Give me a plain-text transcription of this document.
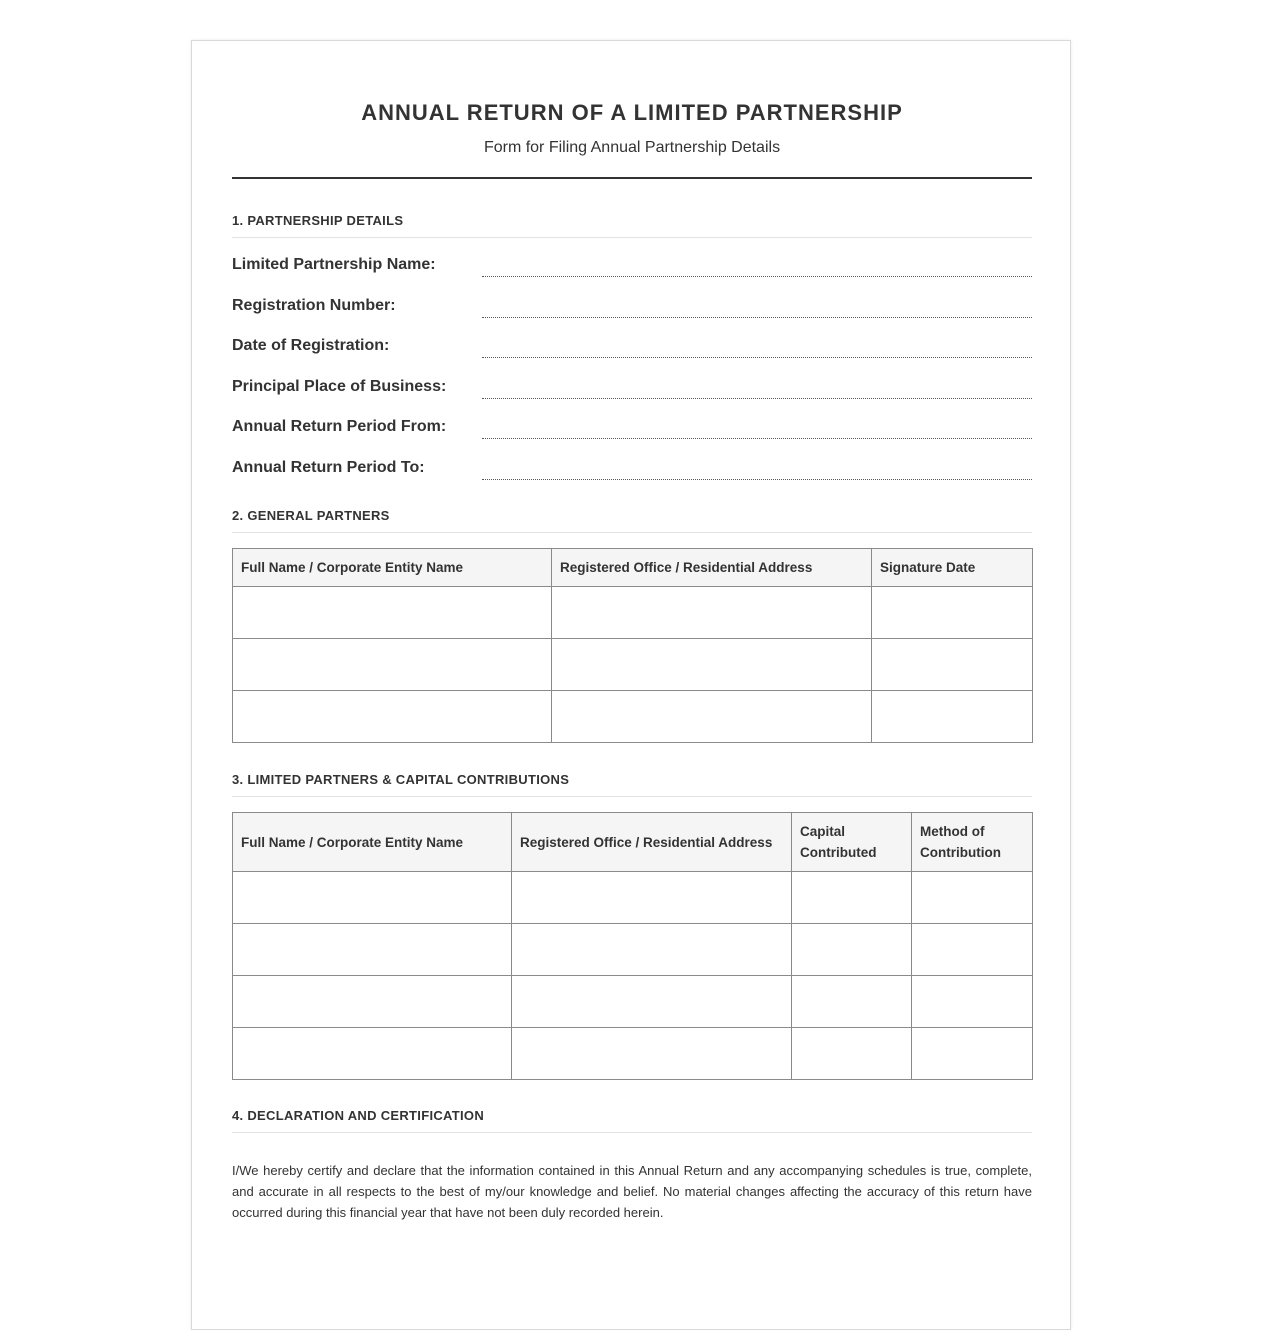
ANNUAL RETURN OF A LIMITED PARTNERSHIP
Form for Filing Annual Partnership Details
1. PARTNERSHIP DETAILS
Limited Partnership Name:
Registration Number:
Date of Registration:
Principal Place of Business:
Annual Return Period From:
Annual Return Period To:
2. GENERAL PARTNERS
Full Name / Corporate Entity Name	Registered Office / Residential Address	Signature Date

3. LIMITED PARTNERS & CAPITAL CONTRIBUTIONS
Full Name / Corporate Entity Name	Registered Office / Residential Address	Capital Contributed	Method of Contribution

4. DECLARATION AND CERTIFICATION
I/We hereby certify and declare that the information contained in this Annual Return and any accompanying schedules is true, complete, and accurate in all respects to the best of my/our knowledge and belief. No material changes affecting the accuracy of this return have occurred during this financial year that have not been duly recorded herein.
